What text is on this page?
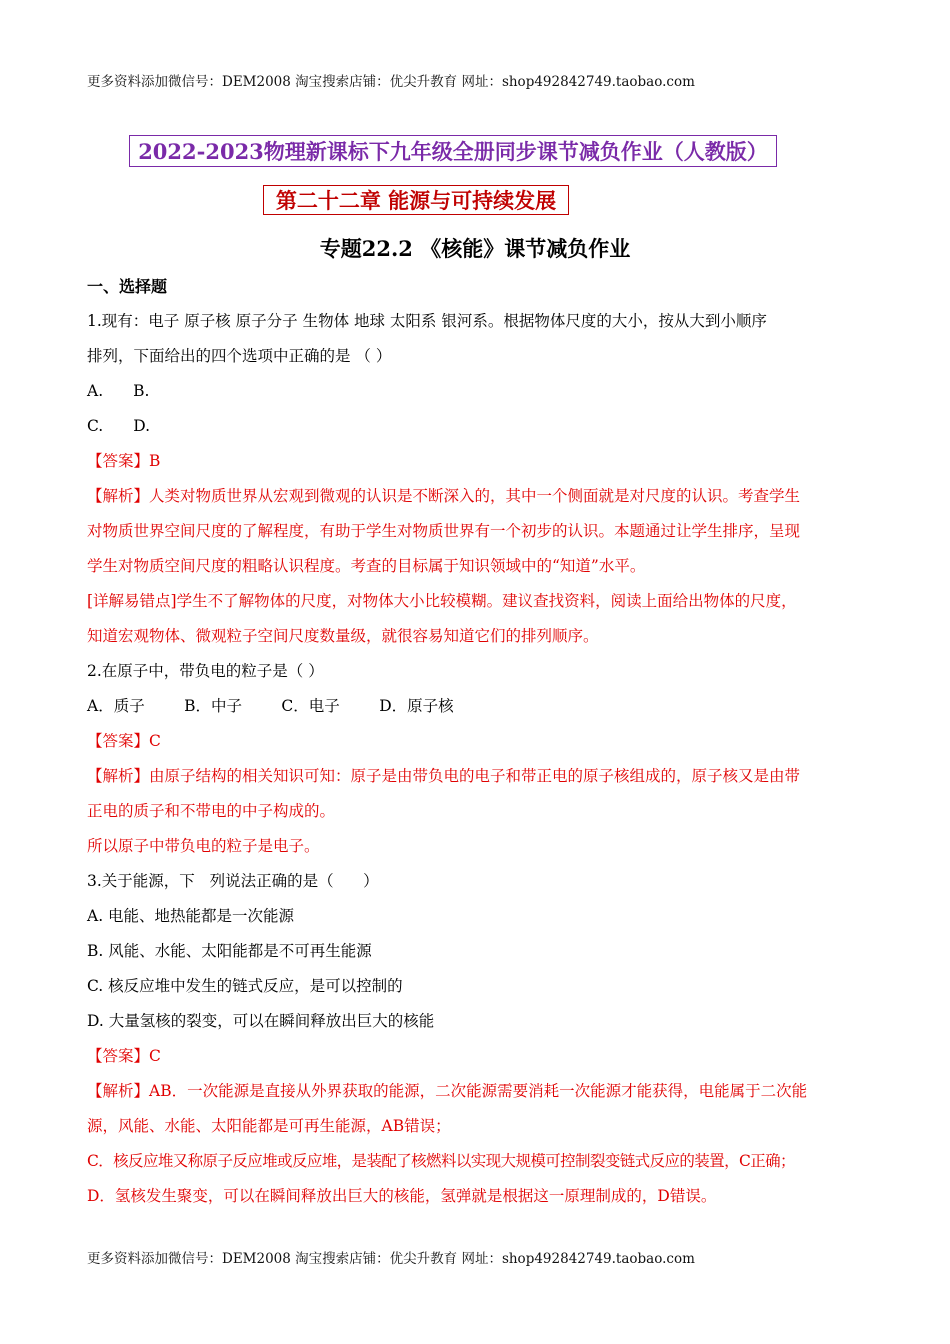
更多资料添加微信号：DEM2008 淘宝搜索店铺：优尖升教育 网址：shop492842749.taobao.com
2022-2023物理新课标下九年级全册同步课节减负作业（人教版）
第二十二章 能源与可持续发展
专题22.2 《核能》课节减负作业
一、选择题
1.现有：电子 原子核 原子分子 生物体 地球 太阳系 银河系。根据物体尺度的大小，按从大到小顺序
排列，下面给出的四个选项中正确的是 （ ）
A. B.
C. D.
【答案】B
【解析】人类对物质世界从宏观到微观的认识是不断深入的，其中一个侧面就是对尺度的认识。考查学生
对物质世界空间尺度的了解程度，有助于学生对物质世界有一个初步的认识。本题通过让学生排序，呈现
学生对物质空间尺度的粗略认识程度。考查的目标属于知识领域中的“知道”水平。
[详解易错点]学生不了解物体的尺度，对物体大小比较模糊。建议查找资料，阅读上面给出物体的尺度，
知道宏观物体、微观粒子空间尺度数量级，就很容易知道它们的排列顺序。
2.在原子中，带负电的粒子是（ ）
A．质子        B．中子        C．电子        D．原子核
【答案】C
【解析】由原子结构的相关知识可知：原子是由带负电的电子和带正电的原子核组成的，原子核又是由带
正电的质子和不带电的中子构成的。
所以原子中带负电的粒子是电子。
3.关于能源，下   列说法正确的是（      ）
A. 电能、地热能都是一次能源
B. 风能、水能、太阳能都是不可再生能源
C. 核反应堆中发生的链式反应，是可以控制的
D. 大量氢核的裂变，可以在瞬间释放出巨大的核能
【答案】C
【解析】AB．一次能源是直接从外界获取的能源，二次能源需要消耗一次能源才能获得，电能属于二次能
源，风能、水能、太阳能都是可再生能源，AB错误；
C．核反应堆又称原子反应堆或反应堆，是装配了核燃料以实现大规模可控制裂变链式反应的装置，C正确；
D．氢核发生聚变，可以在瞬间释放出巨大的核能，氢弹就是根据这一原理制成的，D错误。
更多资料添加微信号：DEM2008 淘宝搜索店铺：优尖升教育 网址：shop492842749.taobao.com
